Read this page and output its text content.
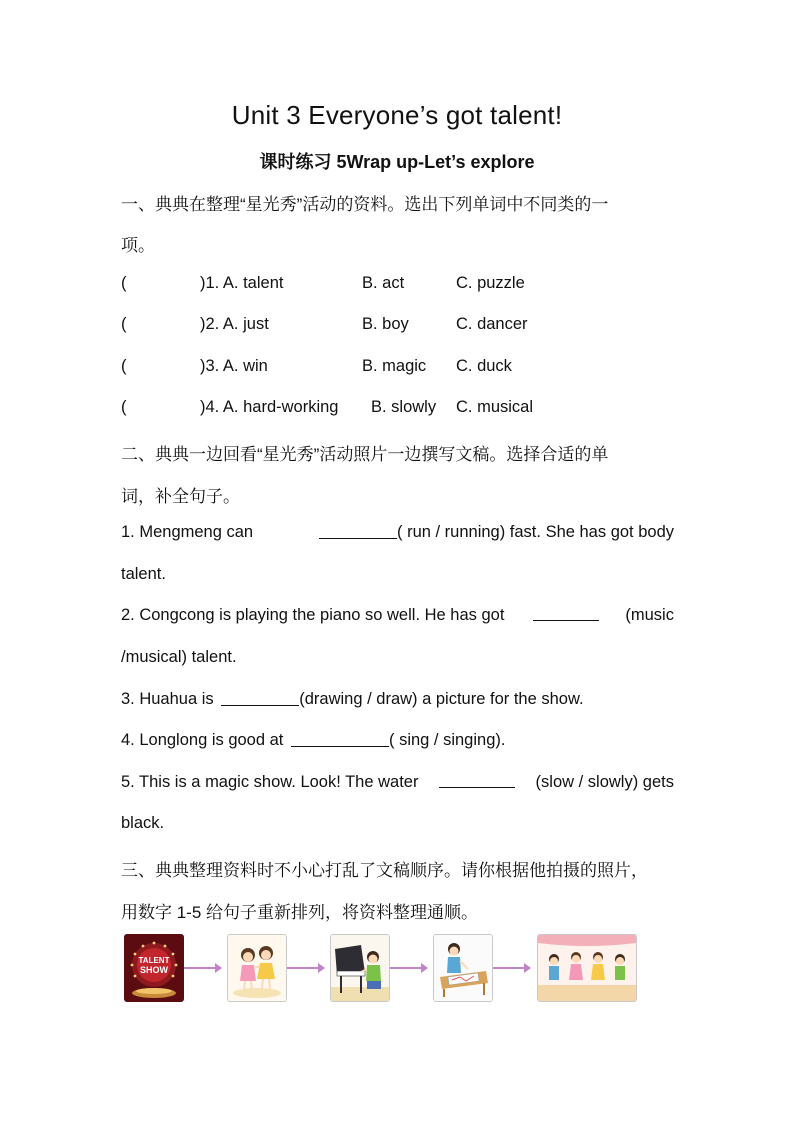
Unit 3 Everyone’s got talent!
课时练习 5Wrap up-Let’s explore
一、典典在整理“星光秀”活动的资料。选出下列单词中不同类的一
项。
(	)1. A. talent	B. act	C. puzzle
(	)2. A. just	B. boy	C. dancer
(	)3. A. win	B. magic C. duck
(	)4. A. hard-working B. slowly C. musical
二、典典一边回看“星光秀”活动照片一边撰写文稿。选择合适的单
词，补全句子。
1. Mengmeng can	( run / running) fast. She has got body
talent.
2. Congcong is playing the piano so well. He has got	(music
/musical) talent.
3. Huahua is	(drawing / draw) a picture for the show.
4. Longlong is good at	( sing / singing).
5. This is a magic show. Look! The water	(slow / slowly) gets
black.
三、典典整理资料时不小心打乱了文稿顺序。请你根据他拍摄的照片，
用数字 1-5 给句子重新排列，将资料整理通顺。
TALENT
SHOW
